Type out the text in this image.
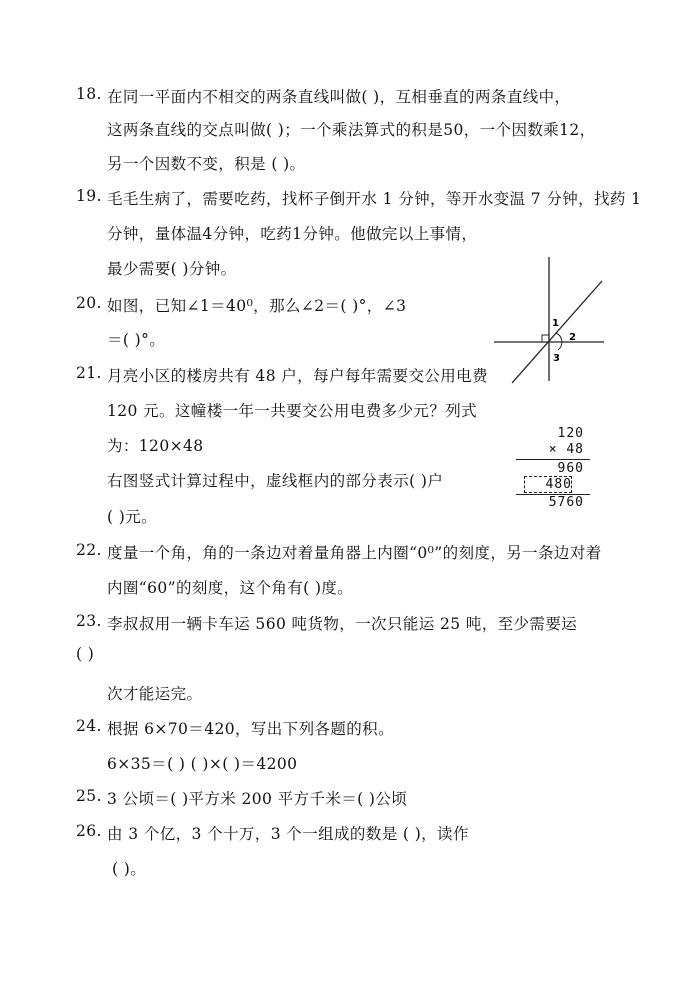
18. 在同一平面内不相交的两条直线叫做( )，互相垂直的两条直线中，
这两条直线的交点叫做( )；一个乘法算式的积是50，一个因数乘12，
另一个因数不变，积是 ( )。
19. 毛毛生病了，需要吃药，找杯子倒开水 1 分钟，等开水变温 7 分钟，找药 1
分钟，量体温4分钟，吃药1分钟。他做完以上事情，
最少需要( )分钟。
20. 如图，已知∠1＝40⁰，那么∠2＝( )°，∠3
＝( )°。
1
2
3
21. 月亮小区的楼房共有 48 户，每户每年需要交公用电费
120 元。这幢楼一年一共要交公用电费多少元？列式
为：120×48
右图竖式计算过程中，虚线框内的部分表示( )户
( )元。
120
× 48
960
480
5760
22. 度量一个角，角的一条边对着量角器上内圈“0⁰”的刻度，另一条边对着
内圈“60”的刻度，这个角有( )度。
23. 李叔叔用一辆卡车运 560 吨货物，一次只能运 25 吨，至少需要运
( )
次才能运完。
24. 根据 6×70＝420，写出下列各题的积。
6×35＝( ) ( )×( )＝4200
25. 3 公顷＝( )平方米 200 平方千米＝( )公顷
26. 由 3 个亿，3 个十万，3 个一组成的数是 ( )，读作
( )。
